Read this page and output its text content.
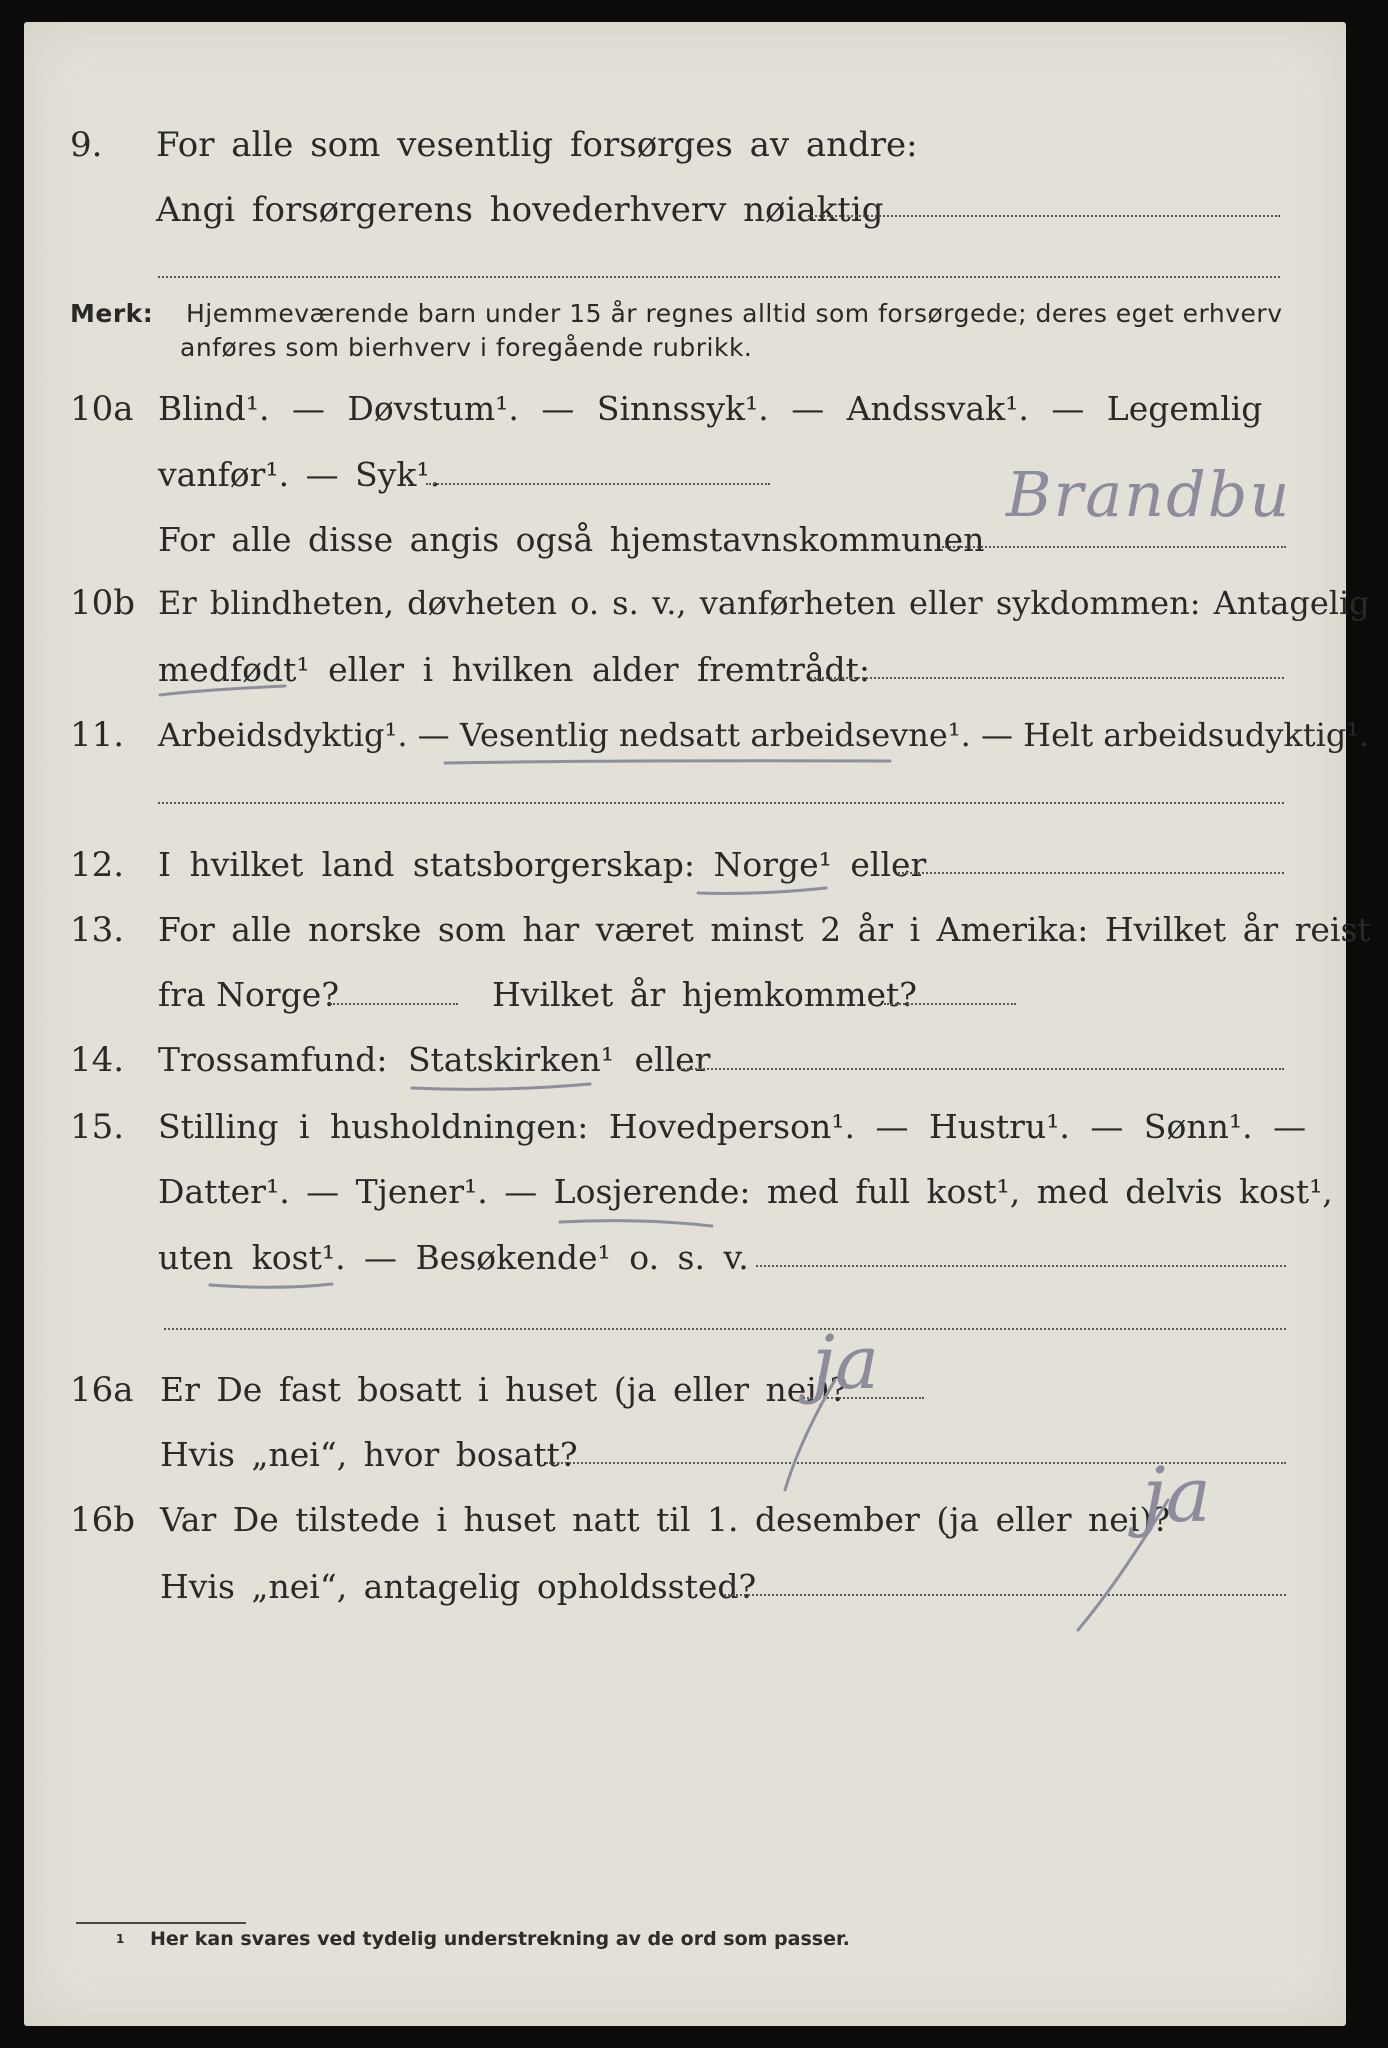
9. For alle som vesentlig forsørges av andre:
Angi forsørgerens hovederhverv nøiaktig
Merk: Hjemmeværende barn under 15 år regnes alltid som forsørgede; deres eget erhverv
anføres som bierhverv i foregående rubrikk.
10a Blind¹. — Døvstum¹. — Sinnssyk¹. — Andssvak¹. — Legemlig
vanfør¹. — Syk¹.
For alle disse angis også hjemstavnskommunen
Brandbu
10b Er blindheten, døvheten o. s. v., vanførheten eller sykdommen: Antagelig
medfødt¹ eller i hvilken alder fremtrådt:
11. Arbeidsdyktig¹. — Vesentlig nedsatt arbeidsevne¹. — Helt arbeidsudyktig¹.
12. I hvilket land statsborgerskap: Norge¹ eller
13. For alle norske som har været minst 2 år i Amerika: Hvilket år reist
fra Norge?	Hvilket år hjemkommet?
14. Trossamfund: Statskirken¹ eller
15. Stilling i husholdningen: Hovedperson¹. — Hustru¹. — Sønn¹. —
Datter¹. — Tjener¹. — Losjerende: med full kost¹, med delvis kost¹,
uten kost¹. — Besøkende¹ o. s. v.
16a Er De fast bosatt i huset (ja eller nei)?
ja
Hvis „nei“, hvor bosatt?
16b Var De tilstede i huset natt til 1. desember (ja eller nei)?
ja
Hvis „nei“, antagelig opholdssted?
1 Her kan svares ved tydelig understrekning av de ord som passer.
